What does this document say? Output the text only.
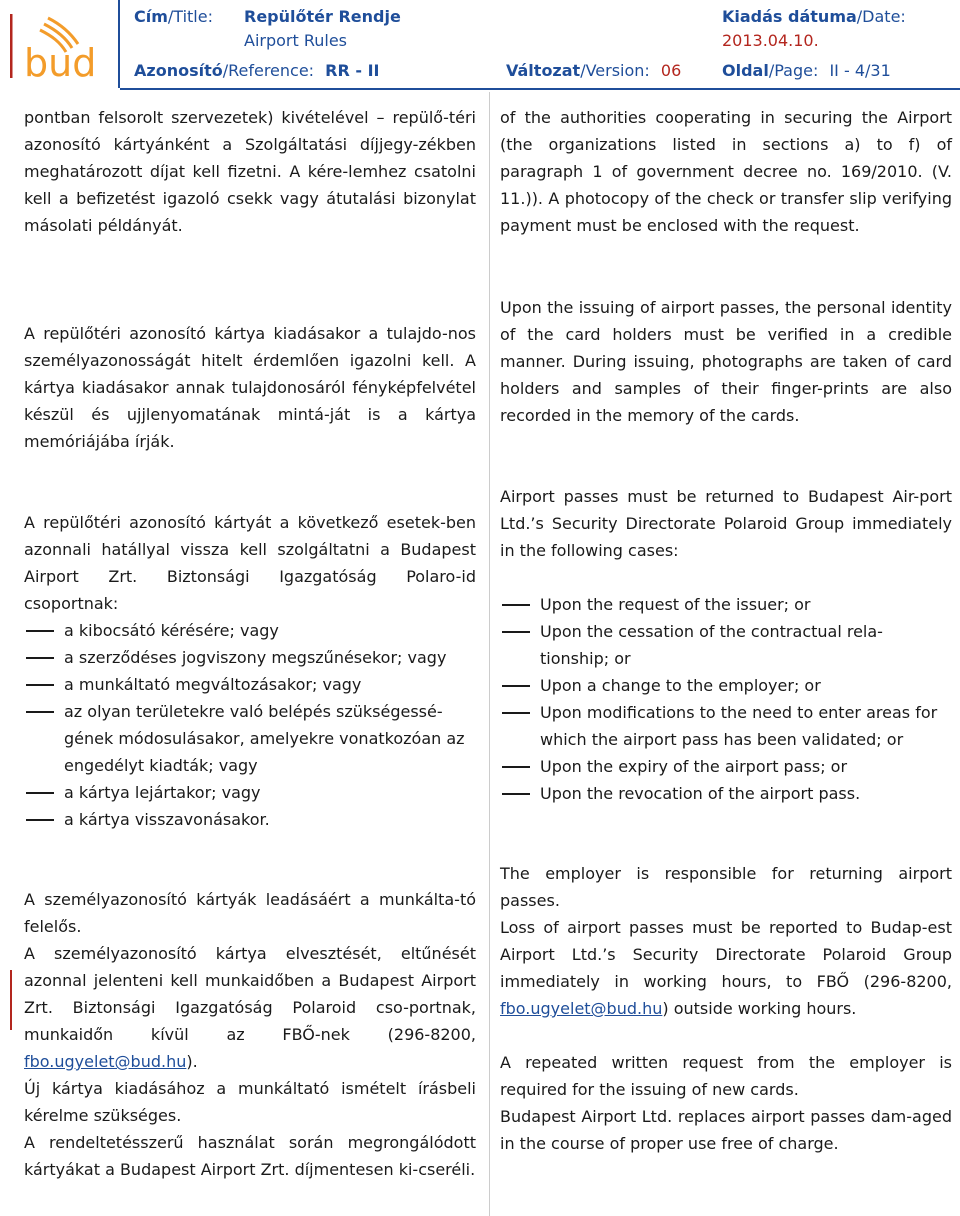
bud
Cím/Title: Repülőtér Rendje
Airport Rules
Kiadás dátuma/Date:
2013.04.10.
Azonosító/Reference: RR - II	Változat/Version: 06	Oldal/Page: II - 4/31

pontban felsorolt szervezetek) kivételével – repülő-téri azonosító kártyánként a Szolgáltatási díjjegy-zékben meghatározott díjat kell fizetni. A kére-lemhez csatolni kell a befizetést igazoló csekk vagy átutalási bizonylat másolati példányát.

A repülőtéri azonosító kártya kiadásakor a tulajdo-nos személyazonosságát hitelt érdemlően igazolni kell. A kártya kiadásakor annak tulajdonosáról fényképfelvétel készül és ujjlenyomatának mintá-ját is a kártya memóriájába írják.

A repülőtéri azonosító kártyát a következő esetek-ben azonnali hatállyal vissza kell szolgáltatni a Budapest Airport Zrt. Biztonsági Igazgatóság Polaro-id csoportnak:

a kibocsátó kérésére; vagy
a szerződéses jogviszony megszűnésekor; vagy
a munkáltató megváltozásakor; vagy
az olyan területekre való belépés szükségessé-gének módosulásakor, amelyekre vonatkozóan az engedélyt kiadták; vagy
a kártya lejártakor; vagy
a kártya visszavonásakor.

A személyazonosító kártyák leadásáért a munkálta-tó felelős.

A személyazonosító kártya elvesztését, eltűnését azonnal jelenteni kell munkaidőben a Budapest Airport Zrt. Biztonsági Igazgatóság Polaroid cso-portnak, munkaidőn kívül az FBŐ-nek (296-8200, fbo.ugyelet@bud.hu).

Új kártya kiadásához a munkáltató ismételt írásbeli kérelme szükséges.

A rendeltetésszerű használat során megrongálódott kártyákat a Budapest Airport Zrt. díjmentesen ki-cseréli.

of the authorities cooperating in securing the Airport (the organizations listed in sections a) to f) of paragraph 1 of government decree no. 169/2010. (V. 11.)). A photocopy of the check or transfer slip verifying payment must be enclosed with the request.

Upon the issuing of airport passes, the personal identity of the card holders must be verified in a credible manner. During issuing, photographs are taken of card holders and samples of their finger-prints are also recorded in the memory of the cards.

Airport passes must be returned to Budapest Air-port Ltd.’s Security Directorate Polaroid Group immediately in the following cases:

Upon the request of the issuer; or
Upon the cessation of the contractual rela-tionship; or
Upon a change to the employer; or
Upon modifications to the need to enter areas for which the airport pass has been validated; or
Upon the expiry of the airport pass; or
Upon the revocation of the airport pass.

The employer is responsible for returning airport passes.

Loss of airport passes must be reported to Budap-est Airport Ltd.’s Security Directorate Polaroid Group immediately in working hours, to FBŐ (296-8200, fbo.ugyelet@bud.hu) outside working hours.

A repeated written request from the employer is required for the issuing of new cards.

Budapest Airport Ltd. replaces airport passes dam-aged in the course of proper use free of charge.
